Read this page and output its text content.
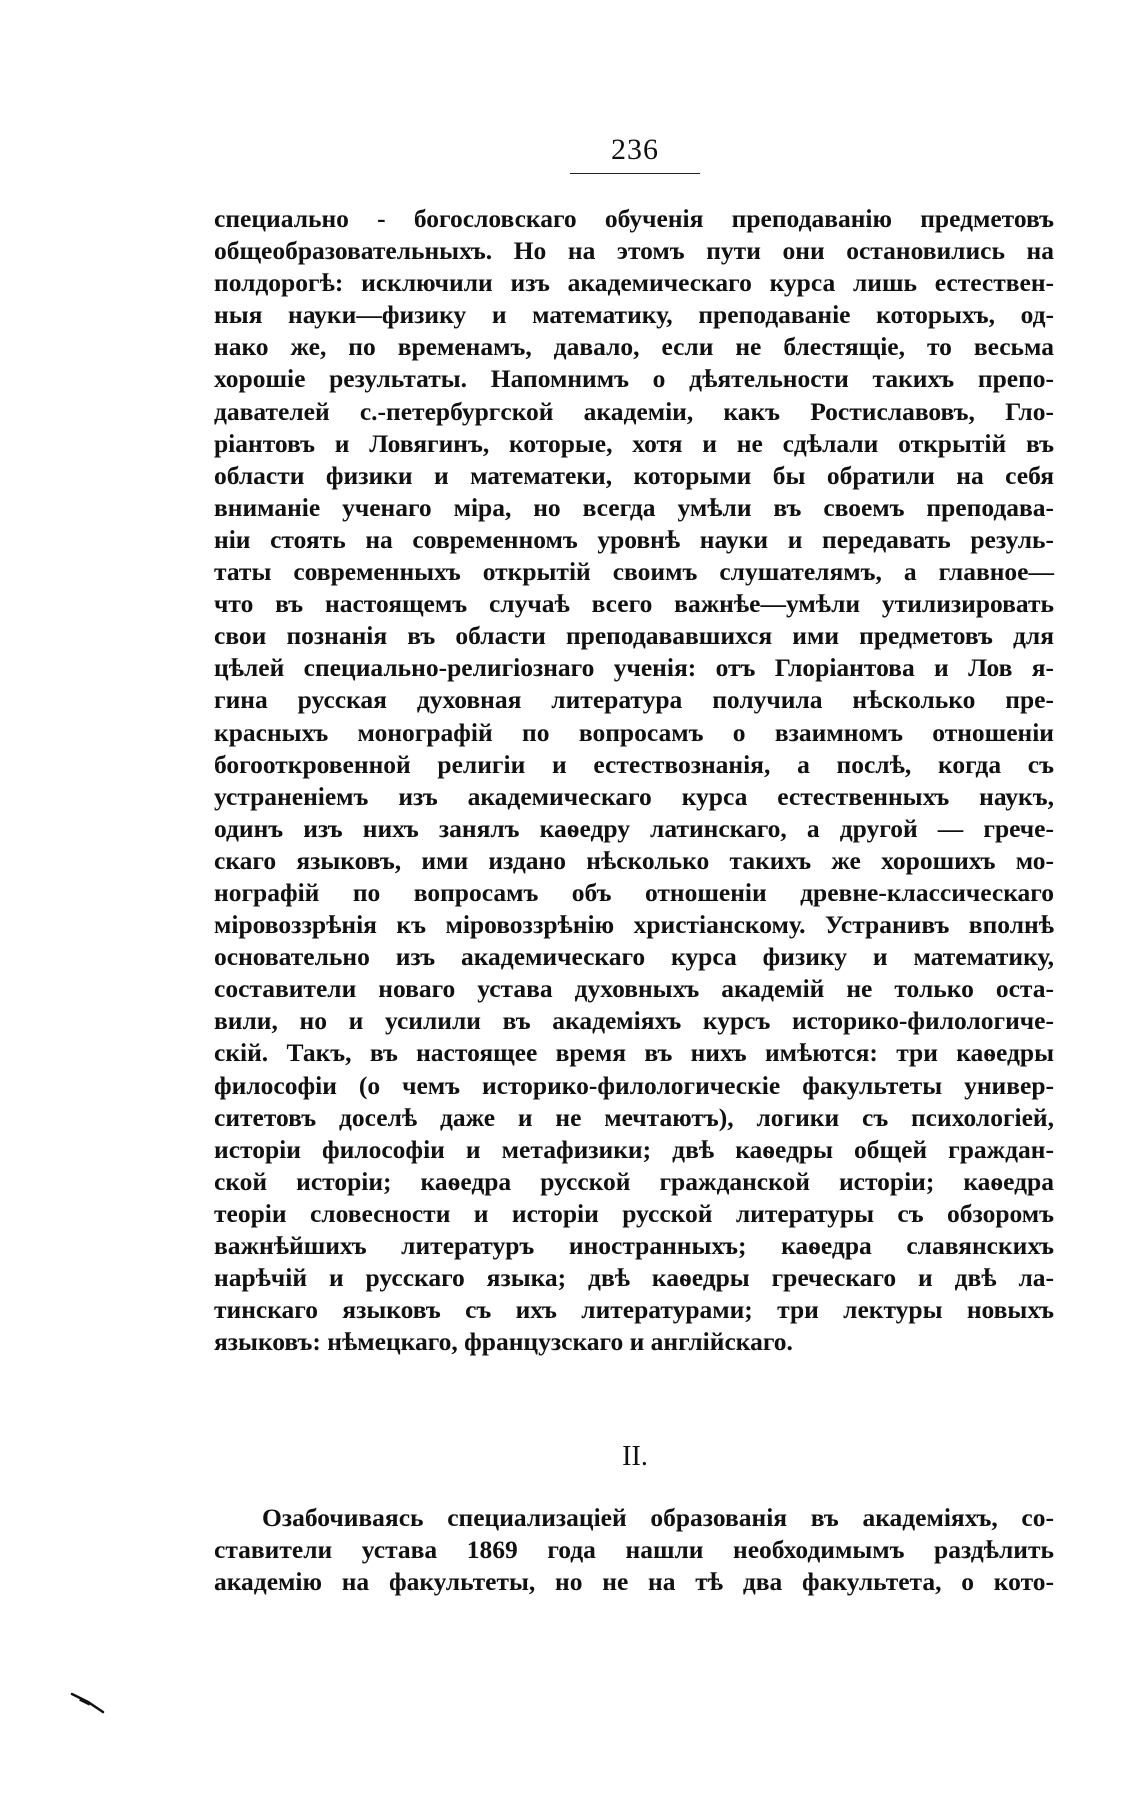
236
специально - богословскаго обученія преподаванію предметовъ
общеобразовательныхъ. Но на этомъ пути они остановились на
полдорогѣ: исключили изъ академическаго курса лишь естествен-
ныя науки—физику и математику, преподаваніе которыхъ, од-
нако же, по временамъ, давало, если не блестящіе, то весьма
хорошіе результаты. Напомнимъ о дѣятельности такихъ препо-
давателей с.-петербургской академіи, какъ Ростиславовъ, Гло-
ріантовъ и Ловягинъ, которые, хотя и не сдѣлали открытій въ
области физики и математеки, которыми бы обратили на себя
вниманіе ученаго міра, но всегда умѣли въ своемъ преподава-
ніи стоять на современномъ уровнѣ науки и передавать резуль-
таты современныхъ открытій своимъ слушателямъ, а главное—
что въ настоящемъ случаѣ всего важнѣе—умѣли утилизировать
свои познанія въ области преподававшихся ими предметовъ для
цѣлей специально-религіознаго ученія: отъ Глоріантова и Лов я-
гина русская духовная литература получила нѣсколько пре-
красныхъ монографій по вопросамъ о взаимномъ отношеніи
богооткровенной религіи и естествознанія, а послѣ, когда съ
устраненіемъ изъ академическаго курса естественныхъ наукъ,
одинъ изъ нихъ занялъ каѳедру латинскаго, а другой — грече-
скаго языковъ, ими издано нѣсколько такихъ же хорошихъ мо-
нографій по вопросамъ объ отношеніи древне-классическаго
міровоззрѣнія къ міровоззрѣнію христіанскому. Устранивъ вполнѣ
основательно изъ академическаго курса физику и математику,
составители новаго устава духовныхъ академій не только оста-
вили, но и усилили въ академіяхъ курсъ историко-филологиче-
скій. Такъ, въ настоящее время въ нихъ имѣются: три каѳедры
философіи (о чемъ историко-филологическіе факультеты универ-
ситетовъ доселѣ даже и не мечтаютъ), логики съ психологіей,
исторіи философіи и метафизики; двѣ каѳедры общей граждан-
ской исторіи; каѳедра русской гражданской исторіи; каѳедра
теоріи словесности и исторіи русской литературы съ обзоромъ
важнѣйшихъ литературъ иностранныхъ; каѳедра славянскихъ
нарѣчій и русскаго языка; двѣ каѳедры греческаго и двѣ ла-
тинскаго языковъ съ ихъ литературами; три лектуры новыхъ
языковъ: нѣмецкаго, французскаго и англійскаго.
II.
Озабочиваясь специализаціей образованія въ академіяхъ, со-
ставители устава 1869 года нашли необходимымъ раздѣлить
академію на факультеты, но не на тѣ два факультета, о кото-
